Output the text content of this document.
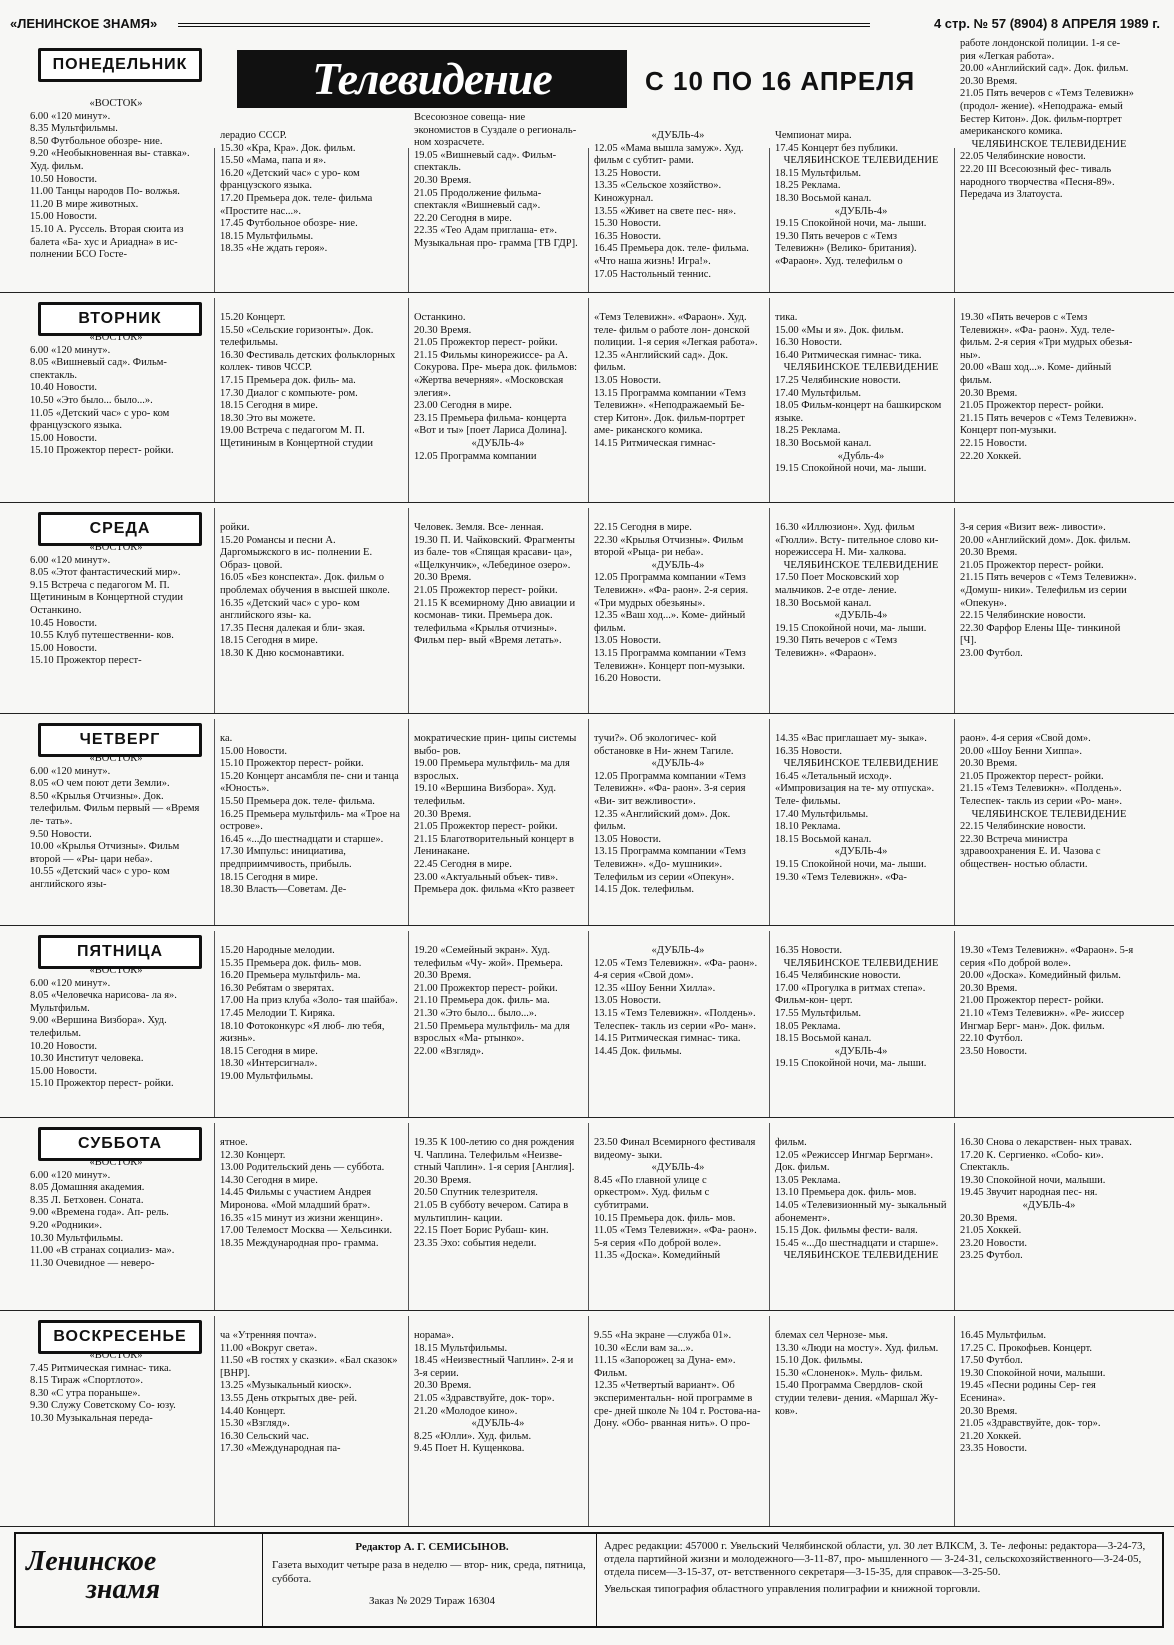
«ЛЕНИНСКОЕ ЗНАМЯ»	4 стр. № 57 (8904) 8 АПРЕЛЯ 1989 г.
Телевидение	С 10 ПО 16 АПРЕЛЯ
ПОНЕДЕЛЬНИК

«ВОСТОК»

6.00 «120 минут».

8.35 Мультфильмы.

8.50 Футбольное обозре- ние.

9.20 «Необыкновенная вы- ставка». Худ. фильм.

10.50 Новости.

11.00 Танцы народов По- волжья.

11.20 В мире животных.

15.00 Новости.

15.10 А. Руссель. Вторая сюита из балета «Ба- хус и Ариадна» в ис- полнении БСО Госте-

лерадио СССР.

15.30 «Кра, Кра». Док. фильм.

15.50 «Мама, папа и я».

16.20 «Детский час» с уро- ком французского языка.

17.20 Премьера док. теле- фильма «Простите нас...».

17.45 Футбольное обозре- ние.

18.15 Мультфильмы.

18.35 «Не ждать героя».

Всесоюзное совеща- ние экономистов в Суздале о региональ- ном хозрасчете.

19.05 «Вишневый сад». Фильм-спектакль.

20.30 Время.

21.05 Продолжение фильма- спектакля «Вишневый сад».

22.20 Сегодня в мире.

22.35 «Тео Адам приглаша- ет». Музыкальная про- грамма [ТВ ГДР].

«ДУБЛЬ-4»

12.05 «Мама вышла замуж». Худ. фильм с субтит- рами.

13.25 Новости.

13.35 «Сельское хозяйство». Киножурнал.

13.55 «Живет на свете пес- ня».

15.30 Новости.

16.35 Новости.

16.45 Премьера док. теле- фильма. «Что наша жизнь! Игра!».

17.05 Настольный теннис.

Чемпионат мира.

17.45 Концерт без публики.

ЧЕЛЯБИНСКОЕ ТЕЛЕВИДЕНИЕ

18.15 Мультфильм.

18.25 Реклама.

18.30 Восьмой канал.

«ДУБЛЬ-4»

19.15 Спокойной ночи, ма- лыши.

19.30 Пять вечеров с «Темз Телевижн» (Велико- британия). «Фараон». Худ. телефильм о

работе лондонской полиции. 1-я се- рия «Легкая работа».

20.00 «Английский сад». Док. фильм.

20.30 Время.

21.05 Пять вечеров с «Темз Телевижн» (продол- жение). «Неподража- емый Бестер Китон». Док. фильм-портрет американского комика.

ЧЕЛЯБИНСКОЕ ТЕЛЕВИДЕНИЕ

22.05 Челябинские новости.

22.20 III Всесоюзный фес- тиваль народного творчества «Песня-89». Передача из Златоуста.

ВТОРНИК

«ВОСТОК»

6.00 «120 минут».

8.05 «Вишневый сад». Фильм-спектакль.

10.40 Новости.

10.50 «Это было... было...».

11.05 «Детский час» с уро- ком французского языка.

15.00 Новости.

15.10 Прожектор перест- ройки.

15.20 Концерт.

15.50 «Сельские горизонты». Док. телефильмы.

16.30 Фестиваль детских фольклорных коллек- тивов ЧССР.

17.15 Премьера док. филь- ма.

17.30 Диалог с компьюте- ром.

18.15 Сегодня в мире.

18.30 Это вы можете.

19.00 Встреча с педагогом М. П. Щетининым в Концертной студии

Останкино.

20.30 Время.

21.05 Прожектор перест- ройки.

21.15 Фильмы кинорежиссе- ра А. Сокурова. Пре- мьера док. фильмов: «Жертва вечерняя». «Московская элегия».

23.00 Сегодня в мире.

23.15 Премьера фильма- концерта «Вот и ты» [поет Лариса Долина].

«ДУБЛЬ-4»

12.05 Программа компании

«Темз Телевижн». «Фараон». Худ. теле- фильм о работе лон- донской полиции. 1-я серия «Легкая работа».

12.35 «Английский сад». Док. фильм.

13.05 Новости.

13.15 Программа компании «Темз Телевижн». «Неподражаемый Бе- стер Китон». Док. фильм-портрет аме- риканского комика.

14.15 Ритмическая гимнас-

тика.

15.00 «Мы и я». Док. фильм.

16.30 Новости.

16.40 Ритмическая гимнас- тика.

ЧЕЛЯБИНСКОЕ ТЕЛЕВИДЕНИЕ

17.25 Челябинские новости.

17.40 Мультфильм.

18.05 Фильм-концерт на башкирском языке.

18.25 Реклама.

18.30 Восьмой канал.

«Дубль-4»

19.15 Спокойной ночи, ма- лыши.

19.30 «Пять вечеров с «Темз Телевижн». «Фа- раон». Худ. теле- фильм. 2-я серия «Три мудрых обезья- ны».

20.00 «Ваш ход...». Коме- дийный фильм.

20.30 Время.

21.05 Прожектор перест- ройки.

21.15 Пять вечеров с «Темз Телевижн». Концерт поп-музыки.

22.15 Новости.

22.20 Хоккей.

СРЕДА

«ВОСТОК»

6.00 «120 минут».

8.05 «Этот фантастический мир».

9.15 Встреча с педагогом М. П. Щетининым в Концертной студии Останкино.

10.45 Новости.

10.55 Клуб путешественни- ков.

15.00 Новости.

15.10 Прожектор перест-

ройки.

15.20 Романсы и песни А. Даргомыжского в ис- полнении Е. Образ- цовой.

16.05 «Без конспекта». Док. фильм о проблемах обучения в высшей школе.

16.35 «Детский час» с уро- ком английского язы- ка.

17.35 Песня далекая и бли- зкая.

18.15 Сегодня в мире.

18.30 К Дню космонавтики.

Человек. Земля. Все- ленная.

19.30 П. И. Чайковский. Фрагменты из бале- тов «Спящая красави- ца», «Щелкунчик», «Лебединое озеро».

20.30 Время.

21.05 Прожектор перест- ройки.

21.15 К всемирному Дню авиации и космонав- тики. Премьера док. телефильма «Крылья отчизны». Фильм пер- вый «Время летать».

22.15 Сегодня в мире.

22.30 «Крылья Отчизны». Фильм второй «Рыца- ри неба».

«ДУБЛЬ-4»

12.05 Программа компании «Темз Телевижн». «Фа- раон». 2-я серия. «Три мудрых обезьяны».

12.35 «Ваш ход...». Коме- дийный фильм.

13.05 Новости.

13.15 Программа компании «Темз Телевижн». Концерт поп-музыки.

16.20 Новости.

16.30 «Иллюзион». Худ. фильм «Гюлли». Всту- пительное слово ки- норежиссера Н. Ми- халкова.

ЧЕЛЯБИНСКОЕ ТЕЛЕВИДЕНИЕ

17.50 Поет Московский хор мальчиков. 2-е отде- ление.

18.30 Восьмой канал.

«ДУБЛЬ-4»

19.15 Спокойной ночи, ма- лыши.

19.30 Пять вечеров с «Темз Телевижн». «Фараон».

3-я серия «Визит веж- ливости».

20.00 «Английский дом». Док. фильм.

20.30 Время.

21.05 Прожектор перест- ройки.

21.15 Пять вечеров с «Темз Телевижн». «Домуш- ники». Телефильм из серии «Опекун».

22.15 Челябинские новости.

22.30 Фарфор Елены Ще- тинкиной [Ч].

23.00 Футбол.

ЧЕТВЕРГ

«ВОСТОК»

6.00 «120 минут».

8.05 «О чем поют дети Земли».

8.50 «Крылья Отчизны». Док. телефильм. Фильм первый — «Время ле- тать».

9.50 Новости.

10.00 «Крылья Отчизны». Фильм второй — «Ры- цари неба».

10.55 «Детский час» с уро- ком английского язы-

ка.

15.00 Новости.

15.10 Прожектор перест- ройки.

15.20 Концерт ансамбля пе- сни и танца «Юность».

15.50 Премьера док. теле- фильма.

16.25 Премьера мультфиль- ма «Трое на острове».

16.45 «...До шестнадцати и старше».

17.30 Импульс: инициатива, предприимчивость, прибыль.

18.15 Сегодня в мире.

18.30 Власть—Советам. Де-

мократические прин- ципы системы выбо- ров.

19.00 Премьера мультфиль- ма для взрослых.

19.10 «Вершина Визбора». Худ. телефильм.

20.30 Время.

21.05 Прожектор перест- ройки.

21.15 Благотворительный концерт в Ленинакане.

22.45 Сегодня в мире.

23.00 «Актуальный объек- тив». Премьера док. фильма «Кто развеет

тучи?». Об экологичес- кой обстановке в Ни- жнем Тагиле.

«ДУБЛЬ-4»

12.05 Программа компании «Темз Телевижн». «Фа- раон». 3-я серия «Ви- зит вежливости».

12.35 «Английский дом». Док. фильм.

13.05 Новости.

13.15 Программа компании «Темз Телевижн». «До- мушники». Телефильм из серии «Опекун».

14.15 Док. телефильм.

14.35 «Вас приглашает му- зыка».

16.35 Новости.

ЧЕЛЯБИНСКОЕ ТЕЛЕВИДЕНИЕ

16.45 «Летальный исход». «Импровизация на те- му отпуска». Теле- фильмы.

17.40 Мультфильмы.

18.10 Реклама.

18.15 Восьмой канал.

«ДУБЛЬ-4»

19.15 Спокойной ночи, ма- лыши.

19.30 «Темз Телевижн». «Фа-

раон». 4-я серия «Свой дом».

20.00 «Шоу Бенни Хиппа».

20.30 Время.

21.05 Прожектор перест- ройки.

21.15 «Темз Телевижн». «Полдень». Телеспек- такль из серии «Ро- ман».

ЧЕЛЯБИНСКОЕ ТЕЛЕВИДЕНИЕ

22.15 Челябинские новости.

22.30 Встреча министра здравоохранения Е. И. Чазова с обществен- ностью области.

ПЯТНИЦА

«ВОСТОК»

6.00 «120 минут».

8.05 «Человечка нарисова- ла я». Мультфильм.

9.00 «Вершина Визбора». Худ. телефильм.

10.20 Новости.

10.30 Институт человека.

15.00 Новости.

15.10 Прожектор перест- ройки.

15.20 Народные мелодии.

15.35 Премьера док. филь- мов.

16.20 Премьера мультфиль- ма.

16.30 Ребятам о зверятах.

17.00 На приз клуба «Золо- тая шайба».

17.45 Мелодии Т. Киряка.

18.10 Фотоконкурс «Я люб- лю тебя, жизнь».

18.15 Сегодня в мире.

18.30 «Интерсигнал».

19.00 Мультфильмы.

19.20 «Семейный экран». Худ. телефильм «Чу- жой». Премьера.

20.30 Время.

21.00 Прожектор перест- ройки.

21.10 Премьера док. филь- ма.

21.30 «Это было... было...».

21.50 Премьера мультфиль- ма для взрослых «Ма- ртынко».

22.00 «Взгляд».

«ДУБЛЬ-4»

12.05 «Темз Телевижн». «Фа- раон». 4-я серия «Свой дом».

12.35 «Шоу Бенни Хилла».

13.05 Новости.

13.15 «Темз Телевижн». «Полдень». Телеспек- такль из серии «Ро- ман».

14.15 Ритмическая гимнас- тика.

14.45 Док. фильмы.

16.35 Новости.

ЧЕЛЯБИНСКОЕ ТЕЛЕВИДЕНИЕ

16.45 Челябинские новости.

17.00 «Прогулка в ритмах степа». Фильм-кон- церт.

17.55 Мультфильм.

18.05 Реклама.

18.15 Восьмой канал.

«ДУБЛЬ-4»

19.15 Спокойной ночи, ма- лыши.

19.30 «Темз Телевижн». «Фараон». 5-я серия «По доброй воле».

20.00 «Доска». Комедийный фильм.

20.30 Время.

21.00 Прожектор перест- ройки.

21.10 «Темз Телевижн». «Ре- жиссер Ингмар Берг- ман». Док. фильм.

22.10 Футбол.

23.50 Новости.

СУББОТА

«ВОСТОК»

6.00 «120 минут».

8.05 Домашняя академия.

8.35 Л. Бетховен. Соната.

9.00 «Времена года». Ап- рель.

9.20 «Родники».

10.30 Мультфильмы.

11.00 «В странах социализ- ма».

11.30 Очевидное — неверо-

ятное.

12.30 Концерт.

13.00 Родительский день — суббота.

14.30 Сегодня в мире.

14.45 Фильмы с участием Андрея Миронова. «Мой младший брат».

16.35 «15 минут из жизни женщин».

17.00 Телемост Москва — Хельсинки.

18.35 Международная про- грамма.

19.35 К 100-летию со дня рождения Ч. Чаплина. Телефильм «Неизве- стный Чаплин». 1-я серия [Англия].

20.30 Время.

20.50 Спутник телезрителя.

21.05 В субботу вечером. Сатира в мультиплин- кации.

22.15 Поет Борис Рубаш- кин.

23.35 Эхо: события недели.

23.50 Финал Всемирного фестиваля видеому- зыки.

«ДУБЛЬ-4»

8.45 «По главной улице с оркестром». Худ. фильм с субтитрами.

10.15 Премьера док. филь- мов.

11.05 «Темз Телевижн». «Фа- раон». 5-я серия «По доброй воле».

11.35 «Доска». Комедийный

фильм.

12.05 «Режиссер Ингмар Бергман». Док. фильм.

13.05 Реклама.

13.10 Премьера док. филь- мов.

14.05 «Телевизионный му- зыкальный абонемент».

15.15 Док. фильмы фести- валя.

15.45 «...До шестнадцати и старше».

ЧЕЛЯБИНСКОЕ ТЕЛЕВИДЕНИЕ

16.30 Снова о лекарствен- ных травах.

17.20 К. Сергиенко. «Собо- ки». Спектакль.

19.30 Спокойной ночи, малыши.

19.45 Звучит народная пес- ня.

«ДУБЛЬ-4»

20.30 Время.

21.05 Хоккей.

23.20 Новости.

23.25 Футбол.

ВОСКРЕСЕНЬЕ

«ВОСТОК»

7.45 Ритмическая гимнас- тика.

8.15 Тираж «Спортлото».

8.30 «С утра пораньше».

9.30 Служу Советскому Со- юзу.

10.30 Музыкальная переда-

ча «Утренняя почта».

11.00 «Вокруг света».

11.50 «В гостях у сказки». «Бал сказок» [ВНР].

13.25 «Музыкальный киоск».

13.55 День открытых две- рей.

14.40 Концерт.

15.30 «Взгляд».

16.30 Сельский час.

17.30 «Международная па-

норама».

18.15 Мультфильмы.

18.45 «Неизвестный Чаплин». 2-я и 3-я серии.

20.30 Время.

21.05 «Здравствуйте, док- тор».

21.20 «Молодое кино».

«ДУБЛЬ-4»

8.25 «Юлли». Худ. фильм.

9.45 Поет Н. Кущенкова.

9.55 «На экране —служба 01».

10.30 «Если вам за...».

11.15 «Запорожец за Дуна- ем». Фильм.

12.35 «Четвертый вариант». Об экспериментальн- ной программе в сре- дней школе № 104 г. Ростова-на-Дону. «Обо- рванная нить». О про-

блемах сел Чернозе- мья.

13.30 «Люди на мосту». Худ. фильм.

15.10 Док. фильмы.

15.30 «Слоненок». Муль- фильм.

15.40 Программа Свердлов- ской студии телеви- дения. «Маршал Жу- ков».

16.45 Мультфильм.

17.25 С. Прокофьев. Концерт.

17.50 Футбол.

19.30 Спокойной ночи, малыши.

19.45 «Песни родины Сер- гея Есенина».

20.30 Время.

21.05 «Здравствуйте, док- тор».

21.20 Хоккей.

23.35 Новости.

Ленинское
знамя
Редактор А. Г. СЕМИСЫНОВ.
Газета выходит четыре раза в неделю — втор- ник, среда, пятница, суббота.
Заказ № 2029 Тираж 16304
Адрес редакции: 457000 г. Увельский Челябинской области, ул. 30 лет ВЛКСМ, 3. Те- лефоны: редактора—3-24-73, отдела партийной жизни и молодежного—3-11-87, про- мышленного — 3-24-31, сельскохозяйственного—3-24-05, отдела писем—3-15-37, от- ветственного секретаря—3-15-35, для справок—3-25-50.
Увельская типография областного управления полиграфии и книжной торговли.
